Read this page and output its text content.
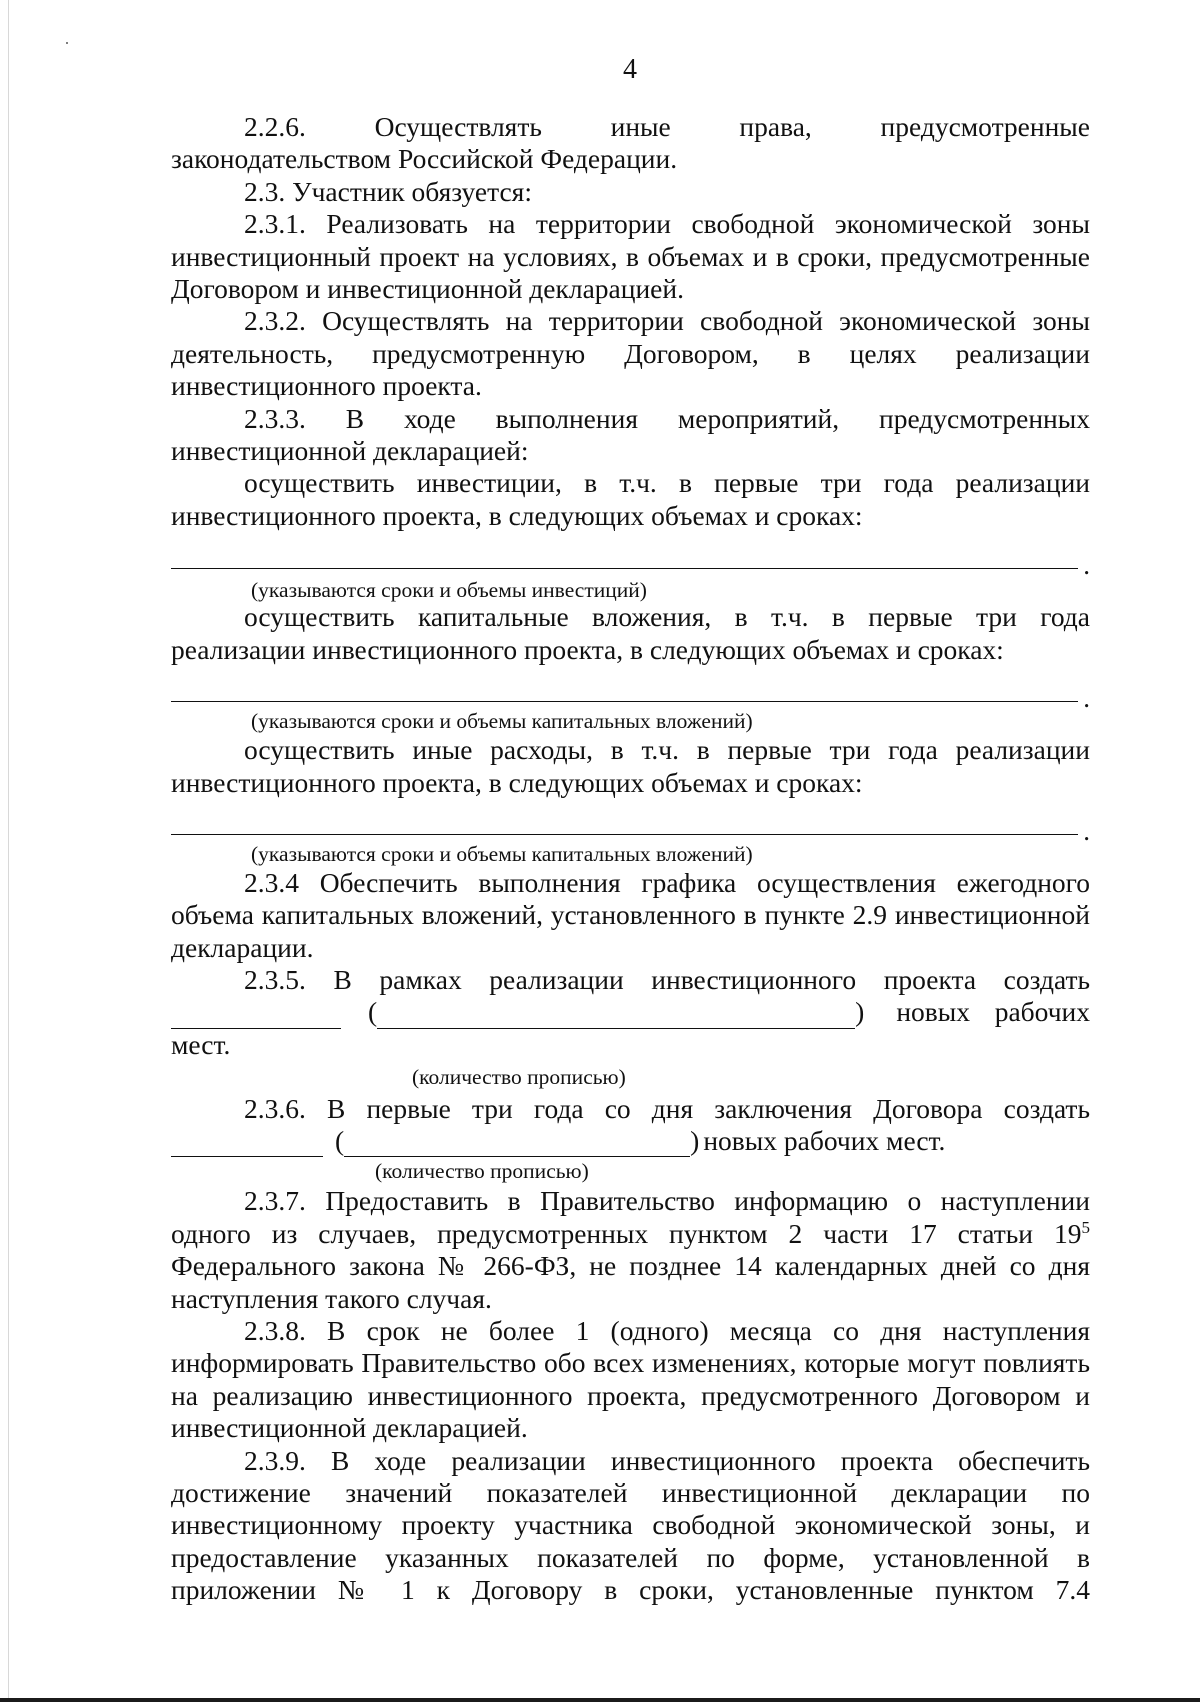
4

2.2.6. Осуществлять иные права, предусмотренные

законодательством Российской Федерации.

2.3. Участник обязуется:

2.3.1. Реализовать на территории свободной экономической зоны инвестиционный проект на условиях, в объемах и в сроки, предусмотренные Договором и инвестиционной декларацией.

2.3.2. Осуществлять на территории свободной экономической зоны деятельность, предусмотренную Договором, в целях реализации инвестиционного проекта.

2.3.3. В ходе выполнения мероприятий, предусмотренных инвестиционной декларацией:

осуществить инвестиции, в т.ч. в первые три года реализации инвестиционного проекта, в следующих объемах и сроках:

.

(указываются сроки и объемы инвестиций)

осуществить капитальные вложения, в т.ч. в первые три года реализации инвестиционного проекта, в следующих объемах и сроках:

.

(указываются сроки и объемы капитальных вложений)

осуществить иные расходы, в т.ч. в первые три года реализации инвестиционного проекта, в следующих объемах и сроках:

.

(указываются сроки и объемы капитальных вложений)

2.3.4 Обеспечить выполнения графика осуществления ежегодного объема капитальных вложений, установленного в пункте 2.9 инвестиционной декларации.

2.3.5. В рамках реализации инвестиционного проекта создать

(	) новых рабочих

мест.

(количество прописью)

2.3.6. В первые три года со дня заключения Договора создать

(	) новых рабочих мест.

(количество прописью)

2.3.7. Предоставить в Правительство информацию о наступлении одного из случаев, предусмотренных пунктом 2 части 17 статьи $19^5$ Федерального закона № 266-ФЗ, не позднее 14 календарных дней со дня наступления такого случая.

2.3.8. В срок не более 1 (одного) месяца со дня наступления информировать Правительство обо всех изменениях, которые могут повлиять на реализацию инвестиционного проекта, предусмотренного Договором и инвестиционной декларацией.

2.3.9. В ходе реализации инвестиционного проекта обеспечить достижение значений показателей инвестиционной декларации по инвестиционному проекту участника свободной экономической зоны, и предоставление указанных показателей по форме, установленной в приложении № 1 к Договору в сроки, установленные пунктом 7.4
